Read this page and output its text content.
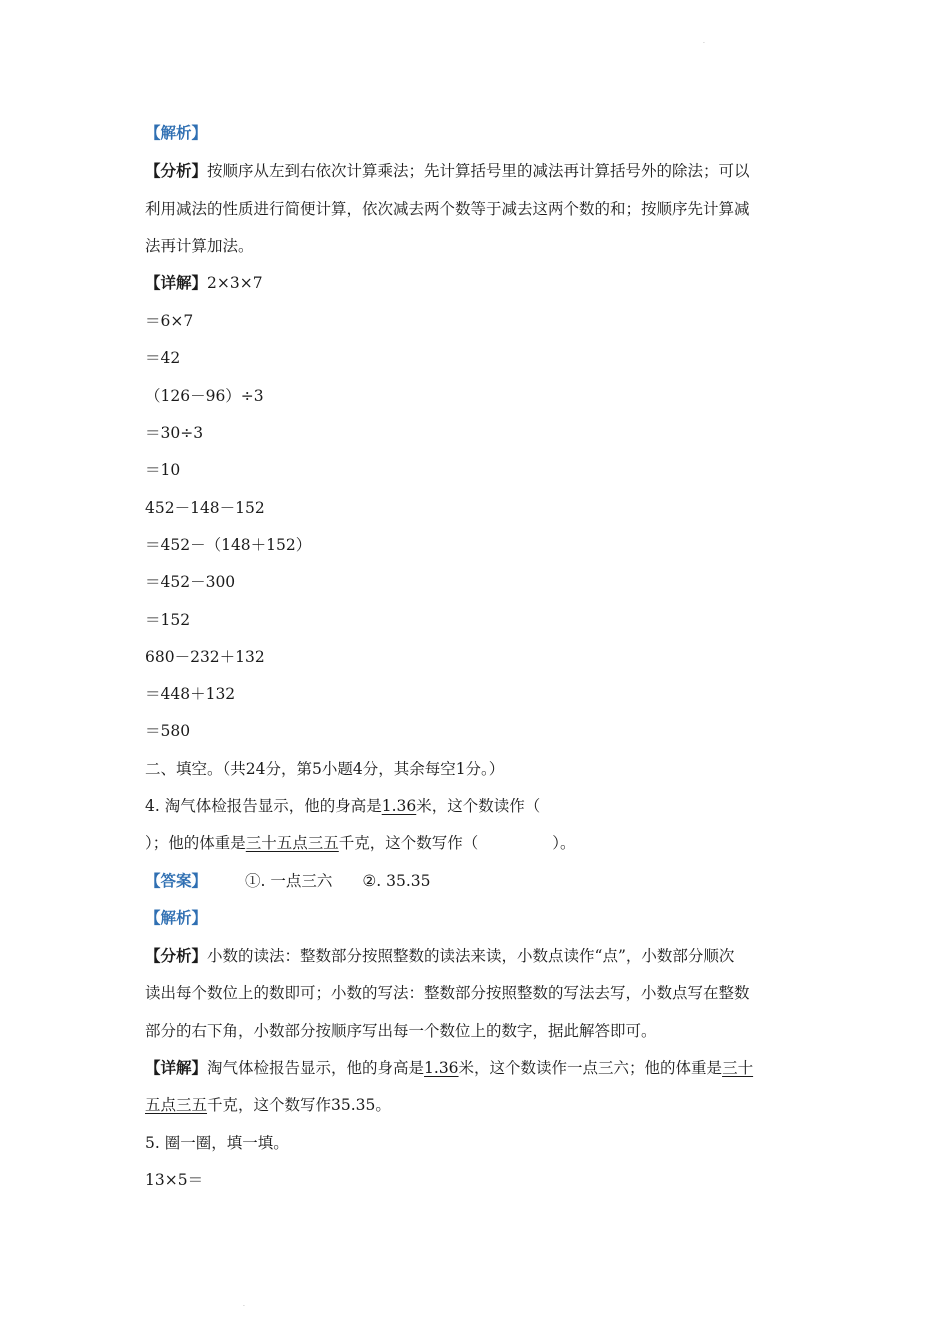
·
【解析】
【分析】按顺序从左到右依次计算乘法；先计算括号里的减法再计算括号外的除法；可以
利用减法的性质进行简便计算，依次减去两个数等于减去这两个数的和；按顺序先计算减
法再计算加法。
【详解】2×3×7
＝6×7
＝42
（126－96）÷3
＝30÷3
＝10
452－148－152
＝452－（148＋152）
＝452－300
＝152
680－232＋132
＝448＋132
＝580
二、填空。（共24分，第5小题4分，其余每空1分。）
4. 淘气体检报告显示，他的身高是1.36米，这个数读作（
）；他的体重是三十五点三五千克，这个数写作（	）。
【答案】 ①. 一点三六 ②. 35.35
【解析】
【分析】小数的读法：整数部分按照整数的读法来读，小数点读作“点”，小数部分顺次
读出每个数位上的数即可；小数的写法：整数部分按照整数的写法去写，小数点写在整数
部分的右下角，小数部分按顺序写出每一个数位上的数字，据此解答即可。
【详解】淘气体检报告显示，他的身高是1.36米，这个数读作一点三六；他的体重是三十
五点三五千克，这个数写作35.35。
5. 圈一圈，填一填。
13×5＝
·
